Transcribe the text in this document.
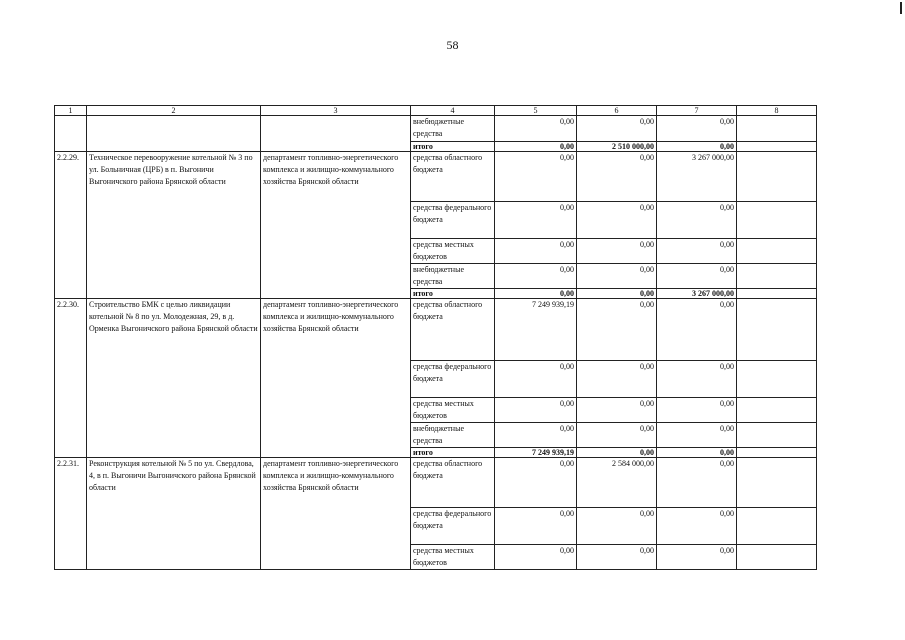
58
1	2	3	4	5	6	7	8
			внебюджетные средства	0,00	0,00	0,00	
			итого	0,00	2 510 000,00	0,00	
2.2.29.	Техническое перевооружение котельной № 3 по ул. Больничная (ЦРБ) в п. Выгоничи Выгоничского района Брянской области	департамент топливно-энергетического комплекса и жилищно-коммунального хозяйства Брянской области	средства областного бюджета	0,00	0,00	3 267 000,00	
			средства федерального бюджета	0,00	0,00	0,00	
			средства местных бюджетов	0,00	0,00	0,00	
			внебюджетные средства	0,00	0,00	0,00	
			итого	0,00	0,00	3 267 000,00	
2.2.30.	Строительство БМК с целью ликвидации котельной № 8 по ул. Молодежная, 29, в д. Орменка Выгоничского района Брянской области	департамент топливно-энергетического комплекса и жилищно-коммунального хозяйства Брянской области	средства областного бюджета	7 249 939,19	0,00	0,00	
			средства федерального бюджета	0,00	0,00	0,00	
			средства местных бюджетов	0,00	0,00	0,00	
			внебюджетные средства	0,00	0,00	0,00	
			итого	7 249 939,19	0,00	0,00	
2.2.31.	Реконструкция котельной № 5 по ул. Свердлова, 4, в п. Выгоничи Выгоничского района Брянской области	департамент топливно-энергетического комплекса и жилищно-коммунального хозяйства Брянской области	средства областного бюджета	0,00	2 584 000,00	0,00	
			средства федерального бюджета	0,00	0,00	0,00	
			средства местных бюджетов	0,00	0,00	0,00	
